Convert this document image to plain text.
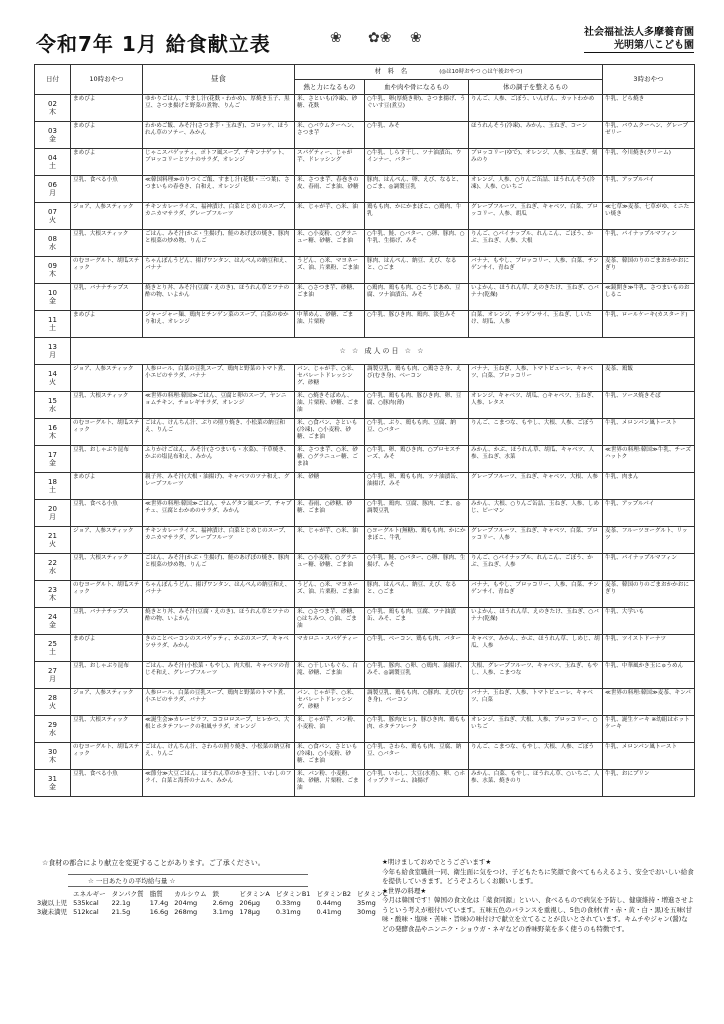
令和7年 1月 給食献立表	❀ ✿❀ ❀	社会福祉法人多摩養育園
光明第八こども園
日付	10時おやつ	昼食	材　料　名 (◎は10時おやつ ○は午後おやつ)			3時おやつ
			熱と力になるもの	血や肉や骨になるもの	体の調子を整えるもの	

02
木	まめびよ	ゆかりごはん、すまし汁(花麩・わかめ)、厚焼き玉子、黒豆、さつま揚げと野菜の煮物、りんご	米、さといも(冷凍)、砂糖、花麩	○牛乳、卵(厚焼き卵)、さつま揚げ、うぐいす豆(煮豆)	りんご、人参、ごぼう、いんげん、カットわかめ	牛乳、どら焼き

03
金	まめびよ	わかめご飯、みそ汁(さつま芋・玉ねぎ)、コロッケ、ほうれん草のソテー、みかん	米、○バウムクーヘン、さつま芋	○牛乳、みそ	ほうれんそう(冷凍)、みかん、玉ねぎ、コーン	牛乳、バウムクーヘン、グレープゼリー

04
土	まめびよ	じゃこスパゲッティ、ポトフ風スープ、チキンナゲット、ブロッコリーとツナのサラダ、オレンジ	スパゲティー、じゃが芋、ドレッシング	○牛乳、しらす干し、ツナ油漬缶、ウインナー、バター	ブロッコリー(ゆで)、オレンジ、人参、玉ねぎ、刻みのり	牛乳、今川焼き(クリーム)

06
月	豆乳、食べる小魚	≪韓国料理≫のりつくご飯、すまし汁(花麩・三つ葉)、さつまいもの春巻き、白和え、オレンジ	米、さつま芋、春巻きの皮、春雨、ごま油、砂糖	豚肉、はんぺん、卵、えび、なると、○ごま、◎調製豆乳	オレンジ、人参、○りんご缶詰、ほうれんそう(冷凍)、人参、○いちご	牛乳、アップルパイ

07
火	ジョア、人参スティック	チキンカレーライス、福神漬け、白菜とじめじのスープ、カニカマサラダ、グレープフルーツ	米、じゃが芋、○米、油	鶏もも肉、かにかまぼこ、○鶏肉、牛乳	グレープフルーツ、玉ねぎ、キャベツ、白菜、ブロッコリー、人参、胡瓜	≪七草≫麦茶、七草がゆ、ミニたい焼き

08
水	豆乳、大根スティック	ごはん、みそ汁(かぶ・生揚げ)、鮭のあげぽの焼き、豚肉と根菜の炒め物、りんご	米、○小麦粉、○グラニュー糖、砂糖、ごま油	○牛乳、鮭、○バター、○卵、豚肉、○牛乳、生揚げ、みそ	りんご、○パイナップル、れんこん、ごぼう、かぶ、玉ねぎ、人参、大根	牛乳、パイナップルマフィン

09
木	のむヨーグルト、胡瓜スティック	ちゃんぽんうどん、揚げワンタン、はんぺんの納豆和え、バナナ	うどん、○米、マヨネーズ、油、片栗粉、ごま油	豚肉、はんぺん、納豆、えび、なると、○ごま	バナナ、もやし、ブロッコリー、人参、白菜、チンゲンサイ、青ねぎ	麦茶、韓国のりのごまおかかおにぎり

10
金	豆乳、バナナチップス	焼きとり丼、みそ汁(豆腐・えのき)、ほうれん草とツナの酢の物、いよかん	米、○さつま芋、砂糖、ごま油	○鶏肉、鶏もも肉、○こうじあめ、豆腐、ツナ油漬缶、みそ	いよかん、ほうれん草、えのきたけ、玉ねぎ、○バナナ(乾燥)	≪鏡開き≫牛乳、さつまいものおしるこ

11
土	まめびよ	ジャージャー麺、鶏肉とチンゲン菜のスープ、白菜のゆかり和え、オレンジ	中華めん、砂糖、ごま油、片栗粉	○牛乳、豚ひき肉、鶏肉、淡色みそ	白菜、オレンジ、チンゲンサイ、玉ねぎ、しいたけ、胡瓜、人参	牛乳、ロールケーキ(カスタード)

13
月	☆ ☆ 成人の日 ☆ ☆					

14
火	ジョア、人参スティック	人参ロール、白菜の豆乳スープ、鶏肉と野菜のトマト煮、小エビのサラダ、バナナ	パン、じゃが芋、○米、セパレートドレッシング、砂糖	調製豆乳、鶏もも肉、○鶏ささ身、えび(むき身)、ベーコン	バナナ、玉ねぎ、人参、トマトピューレ、キャベツ、白菜、ブロッコリー	麦茶、鶏飯

15
水	豆乳、大根スティック	≪世界の料理:韓国≫ごはん、豆腐と卵のスープ、ヤンニョムチキン、チョレギサラダ、オレンジ	米、○焼きそばめん、油、片栗粉、砂糖、ごま油	○牛乳、鶏もも肉、豚ひき肉、卵、豆腐、○豚肉(薄)	オレンジ、キャベツ、胡瓜、○キャベツ、玉ねぎ、人参、レタス	牛乳、ソース焼きそば

16
木	のむヨーグルト、胡瓜スティック	ごはん、けんちん汁、ぶりの照り焼き、小松菜の納豆和え、りんご	米、○食パン、さといも(冷凍)、○小麦粉、砂糖、ごま油	○牛乳、ぶり、鶏もも肉、豆腐、納豆、○バター	りんご、こまつな、もやし、大根、人参、ごぼう	牛乳、メロンパン風トースト

17
金	豆乳、おしゃぶり昆布	ふりかけごはん、みそ汁(さつまいも・水菜)、千草焼き、かぶの塩昆布和え、みかん	米、さつま芋、○米、砂糖、○グラニュー糖、ごま油	○牛乳、卵、鶏ひき肉、○プロセスチーズ、みそ	みかん、かぶ、ほうれん草、胡瓜、キャベツ、人参、玉ねぎ、水菜	≪世界の料理:韓国≫牛乳、チーズハットク

18
土	まめびよ	親子丼、みそ汁(大根・油揚げ)、キャベツのツナ和え、グレープフルーツ	米、砂糖	○牛乳、卵、鶏もも肉、ツナ油漬缶、油揚げ、みそ	グレープフルーツ、玉ねぎ、キャベツ、大根、人参	牛乳、肉まん

20
月	豆乳、食べる小魚	≪世界の料理:韓国≫ごはん、サムゲタン風スープ、チャプチェ、豆腐とわかめのサラダ、みかん	米、春雨、○砂糖、砂糖、ごま油	○牛乳、鶏肉、豆腐、豚肉、ごま、◎調製豆乳	みかん、大根、○りんご缶詰、玉ねぎ、人参、しめじ、ピーマン	牛乳、アップルパイ

21
火	ジョア、人参スティック	チキンカレーライス、福神漬け、白菜とじめじのスープ、カニカマサラダ、グレープフルーツ	米、じゃが芋、○米、油	○ヨーグルト(無糖)、鶏もも肉、かにかまぼこ、牛乳	グレープフルーツ、玉ねぎ、キャベツ、白菜、ブロッコリー、人参	麦茶、フルーツヨーグルト、リッツ

22
水	豆乳、大根スティック	ごはん、みそ汁(かぶ・生揚げ)、鮭のあげぽの焼き、豚肉と根菜の炒め物、りんご	米、○小麦粉、○グラニュー糖、砂糖、ごま油	○牛乳、鮭、○バター、○卵、豚肉、生揚げ、みそ	りんご、○パイナップル、れんこん、ごぼう、かぶ、玉ねぎ、人参	牛乳、パイナップルマフィン

23
木	のむヨーグルト、胡瓜スティック	ちゃんぽんうどん、揚げワンタン、はんぺんの納豆和え、バナナ	うどん、○米、マヨネーズ、油、片栗粉、ごま油	豚肉、はんぺん、納豆、えび、なると、○ごま	バナナ、もやし、ブロッコリー、人参、白菜、チンゲンサイ、青ねぎ	麦茶、韓国のりのごまおかかおにぎり

24
金	豆乳、バナナチップス	焼きとり丼、みそ汁(豆腐・えのき)、ほうれん草とツナの酢の物、いよかん	米、○さつま芋、砂糖、○はちみつ、○油、ごま油	○牛乳、鶏もも肉、豆腐、ツナ油漬缶、みそ、ごま	いよかん、ほうれん草、えのきたけ、玉ねぎ、○バナナ(乾燥)	牛乳、大学いも

25
土	まめびよ	きのことベーコンのスパゲッティ、かぶのスープ、キャベツサラダ、みかん	マカロニ・スパゲティー	○牛乳、ベーコン、鶏もも肉、バター	キャベツ、みかん、かぶ、ほうれん草、しめじ、胡瓜、人参	牛乳、ツイストドーナツ

27
月	豆乳、おしゃぶり昆布	ごはん、みそ汁(小松菜・もやし)、肉大根、キャベツの青じそ和え、グレープフルーツ	米、○干しいもぐら、白滝、砂糖、ごま油	○牛乳、豚肉、○卵、○鶏肉、油揚げ、みそ、◎調製豆乳	大根、グレープフルーツ、キャベツ、玉ねぎ、もやし、人参、こまつな	牛乳、中華風かき玉にゅうめん

28
火	ジョア、人参スティック	人参ロール、白菜の豆乳スープ、鶏肉と野菜のトマト煮、小エビのサラダ、バナナ	パン、じゃが芋、○米、セパレートドレッシング、砂糖	調製豆乳、鶏もも肉、○豚肉、えび(むき身)、ベーコン	バナナ、玉ねぎ、人参、トマトピューレ、キャベツ、白菜	≪世界の料理:韓国≫麦茶、キンパ

29
水	豆乳、大根スティック	≪誕生会≫カレーピラフ、ココロロスープ、ヒレかつ、大根とホタテフレークの和風サラダ、オレンジ	米、じゃが芋、パン粉、小麦粉、油	○牛乳、豚肉(ヒレ)、豚ひき肉、鶏もも肉、ホタテフレーク	オレンジ、玉ねぎ、大根、人参、ブロッコリー、○いちご	牛乳、誕生ケーキ ※幼組はホットケーキ

30
木	のむヨーグルト、胡瓜スティック	ごはん、けんちん汁、さわらの照り焼き、小松菜の納豆和え、りんご	米、○食パン、さといも(冷凍)、○小麦粉、砂糖、ごま油	○牛乳、さわら、鶏もも肉、豆腐、納豆、○バター	りんご、こまつな、もやし、大根、人参、ごぼう	牛乳、メロンパン風トースト

31
金	豆乳、食べる小魚	≪節分≫大豆ごはん、ほうれん草のかき玉汁、いわしのフライ、白菜と海苔のナムル、みかん	米、パン粉、小麦粉、油、砂糖、片栗粉、ごま油	○牛乳、いわし、大豆(水煮)、卵、○ホイップクリーム、油揚げ	みかん、白菜、もやし、ほうれん草、○いちご、人参、水菜、焼きのり	牛乳、おにプリン
☆食材の都合により献立を変更することがあります。ご了承ください。
☆ 一日あたりの平均給与量 ☆
	エネルギー	タンパク質	脂質	カルシウム	鉄	ビタミンA	ビタミンB1	ビタミンB2	ビタミンC
3歳以上児	535kcal	22.1g	17.4g	204mg	2.6mg	206μg	0.33mg	0.44mg	35mg
3歳未満児	512kcal	21.5g	16.6g	268mg	3.1mg	178μg	0.31mg	0.41mg	30mg

★明けましておめでとうございます★

今年も給食室職員一同、衛生面に気をつけ、子どもたちに笑顔で食べてもらえるよう、安全でおいしい給食を提供していきます。どうぞよろしくお願いします。

★世界の料理★

今月は韓国です！韓国の食文化は「薬食同源」といい、食べるもので病気を予防し、健康維持・増進させようという考えが根付いています。五味五色のバランスを重視し、5色の食材(青・赤・黄・白・黒)を五味(甘味・酸味・塩味・苦味・旨味)の味付けで献立を立てることが良いとされています。キムチやジャン(醤)などの発酵食品やニンニク・ショウガ・ネギなどの香味野菜を多く使うのも特徴です。
